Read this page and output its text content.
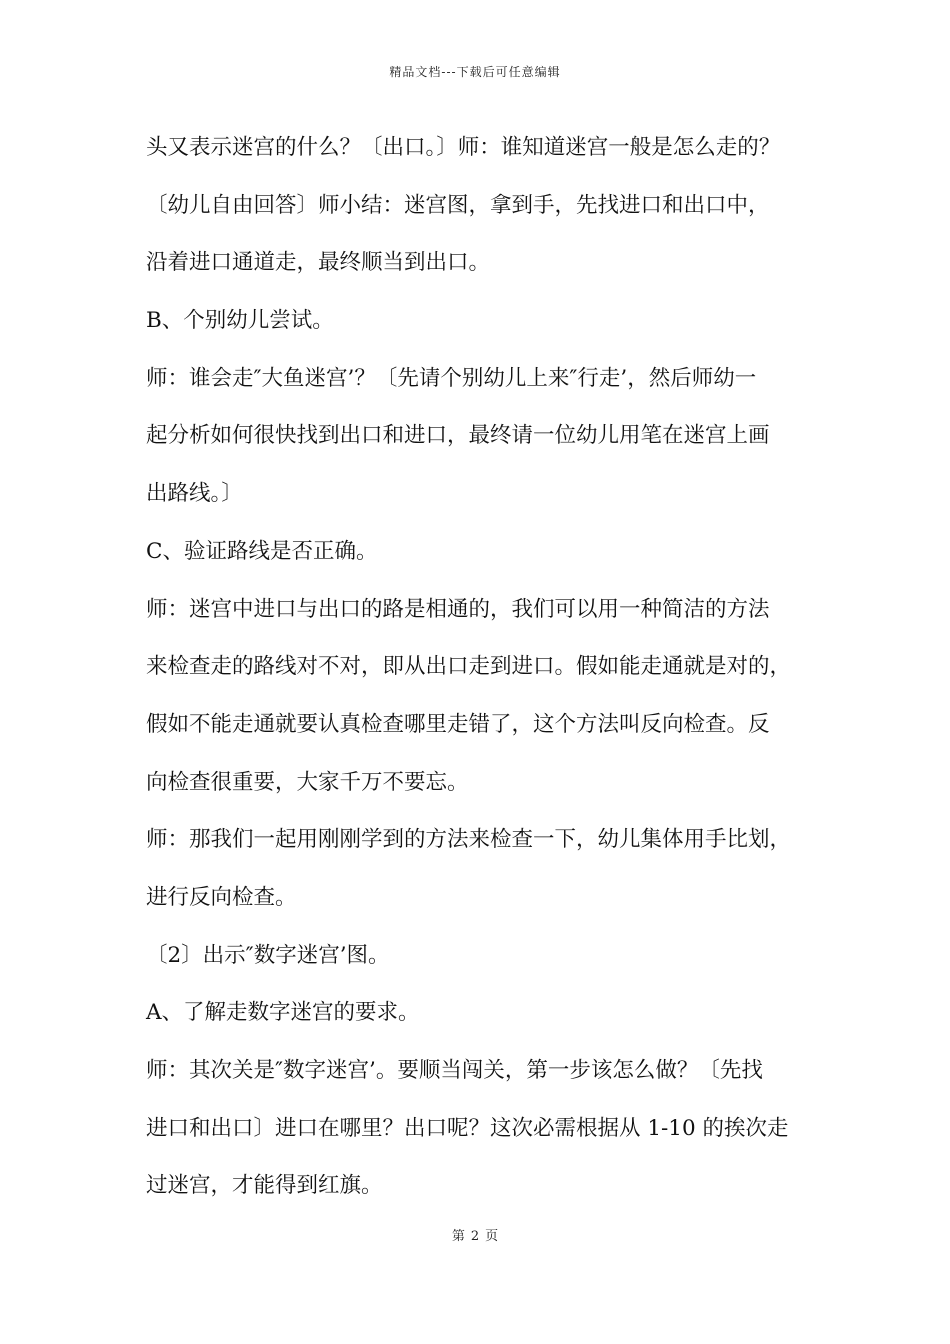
精品文档---下载后可任意编辑
头又表示迷宫的什么？〔出口。〕师：谁知道迷宫一般是怎么走的？
〔幼儿自由回答〕师小结：迷宫图，拿到手，先找进口和出口中，
沿着进口通道走，最终顺当到出口。
B、个别幼儿尝试。
师：谁会走″大鱼迷宫’？〔先请个别幼儿上来″行走’，然后师幼一
起分析如何很快找到出口和进口，最终请一位幼儿用笔在迷宫上画
出路线。〕
C、验证路线是否正确。
师：迷宫中进口与出口的路是相通的，我们可以用一种简洁的方法
来检查走的路线对不对，即从出口走到进口。假如能走通就是对的，
假如不能走通就要认真检查哪里走错了，这个方法叫反向检查。反
向检查很重要，大家千万不要忘。
师：那我们一起用刚刚学到的方法来检查一下，幼儿集体用手比划，
进行反向检查。
〔2〕出示″数字迷宫’图。
A、了解走数字迷宫的要求。
师：其次关是″数字迷宫’。要顺当闯关，第一步该怎么做？〔先找
进口和出口〕进口在哪里？出口呢？这次必需根据从 1-10 的挨次走
过迷宫，才能得到红旗。
第 2 页
